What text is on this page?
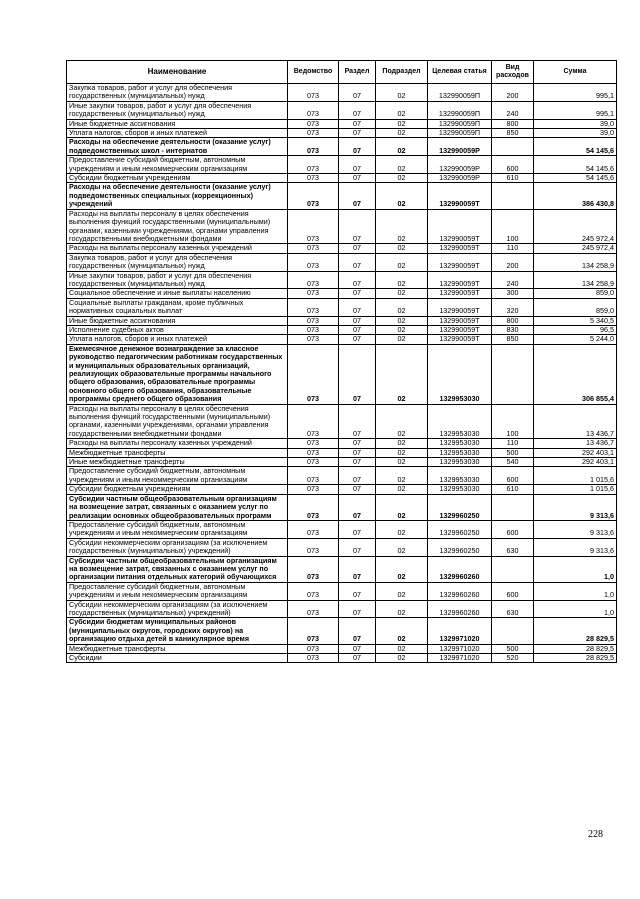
Наименование	Ведомство	Раздел	Подраздел	Целевая статья	Вид расходов	Сумма
Закупка товаров, работ и услуг для обеспечения государственных (муниципальных) нужд	073	07	02	132990059П	200	995,1
Иные закупки товаров, работ и услуг для обеспечения государственных (муниципальных) нужд	073	07	02	132990059П	240	995,1
Иные бюджетные ассигнования	073	07	02	132990059П	800	39,0
Уплата налогов, сборов и иных платежей	073	07	02	132990059П	850	39,0
Расходы на обеспечение деятельности (оказание услуг) подведомственных школ - интернатов	073	07	02	132990059Р		54 145,6
Предоставление субсидий бюджетным, автономным учреждениям и иным некоммерческим организациям	073	07	02	132990059Р	600	54 145,6
Субсидии бюджетным учреждениям	073	07	02	132990059Р	610	54 145,6
Расходы на обеспечение деятельности (оказание услуг) подведомственных специальных (коррекционных) учреждений	073	07	02	132990059Т		386 430,8
Расходы на выплаты персоналу в целях обеспечения выполнения функций государственными (муниципальными) органами, казенными учреждениями, органами управления государственными внебюджетными фондами	073	07	02	132990059Т	100	245 972,4
Расходы на выплаты персоналу казенных учреждений	073	07	02	132990059Т	110	245 972,4
Закупка товаров, работ и услуг для обеспечения государственных (муниципальных) нужд	073	07	02	132990059Т	200	134 258,9
Иные закупки товаров, работ и услуг для обеспечения государственных (муниципальных) нужд	073	07	02	132990059Т	240	134 258,9
Социальное обеспечение и иные выплаты населению	073	07	02	132990059Т	300	859,0
Социальные выплаты гражданам, кроме публичных нормативных социальных выплат	073	07	02	132990059Т	320	859,0
Иные бюджетные ассигнования	073	07	02	132990059Т	800	5 340,5
Исполнение судебных актов	073	07	02	132990059Т	830	96,5
Уплата налогов, сборов и иных платежей	073	07	02	132990059Т	850	5 244,0
Ежемесячное денежное вознаграждение за классное руководство педагогическим работникам государственных и муниципальных образовательных организаций, реализующих образовательные программы начального общего образования, образовательные программы основного общего образования, образовательные программы среднего общего образования	073	07	02	1329953030		306 855,4
Расходы на выплаты персоналу в целях обеспечения выполнения функций государственными (муниципальными) органами, казенными учреждениями, органами управления государственными внебюджетными фондами	073	07	02	1329953030	100	13 436,7
Расходы на выплаты персоналу казенных учреждений	073	07	02	1329953030	110	13 436,7
Межбюджетные трансферты	073	07	02	1329953030	500	292 403,1
Иные межбюджетные трансферты	073	07	02	1329953030	540	292 403,1
Предоставление субсидий бюджетным, автономным учреждениям и иным некоммерческим организациям	073	07	02	1329953030	600	1 015,6
Субсидии бюджетным учреждениям	073	07	02	1329953030	610	1 015,6
Субсидии частным общеобразовательным организациям на возмещение затрат, связанных с оказанием услуг по реализации основных общеобразовательных программ	073	07	02	1329960250		9 313,6
Предоставление субсидий бюджетным, автономным учреждениям и иным некоммерческим организациям	073	07	02	1329960250	600	9 313,6
Субсидии некоммерческим организациям (за исключением государственных (муниципальных) учреждений)	073	07	02	1329960250	630	9 313,6
Субсидии частным общеобразовательным организациям на возмещение затрат, связанных с оказанием услуг по организации питания отдельных категорий обучающихся	073	07	02	1329960260		1,0
Предоставление субсидий бюджетным, автономным учреждениям и иным некоммерческим организациям	073	07	02	1329960260	600	1,0
Субсидии некоммерческим организациям (за исключением государственных (муниципальных) учреждений)	073	07	02	1329960260	630	1,0
Субсидии бюджетам муниципальных районов (муниципальных округов, городских округов) на организацию отдыха детей в каникулярное время	073	07	02	1329971020		28 829,5
Межбюджетные трансферты	073	07	02	1329971020	500	28 829,5
Субсидии	073	07	02	1329971020	520	28 829,5
228
